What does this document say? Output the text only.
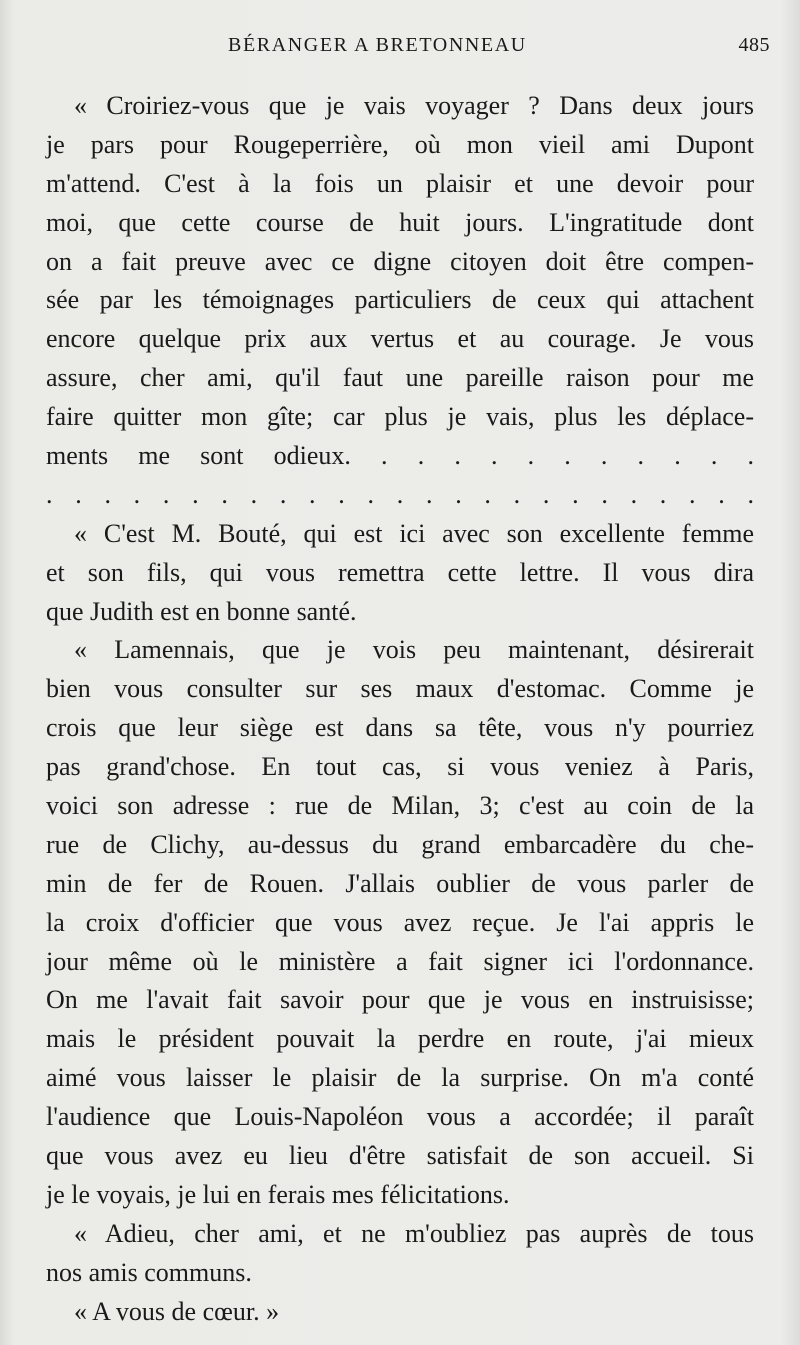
BÉRANGER A BRETONNEAU	485
« Croiriez-vous que je vais voyager ? Dans deux jours
je pars pour Rougeperrière, où mon vieil ami Dupont
m'attend. C'est à la fois un plaisir et une devoir pour
moi, que cette course de huit jours. L'ingratitude dont
on a fait preuve avec ce digne citoyen doit être compen-
sée par les témoignages particuliers de ceux qui attachent
encore quelque prix aux vertus et au courage. Je vous
assure, cher ami, qu'il faut une pareille raison pour me
faire quitter mon gîte; car plus je vais, plus les déplace-
ments me sont odieux. . . . . . . . . . . .
. . . . . . . . . . . . . . . . . . . . . . . . .
« C'est M. Bouté, qui est ici avec son excellente femme
et son fils, qui vous remettra cette lettre. Il vous dira
que Judith est en bonne santé.
« Lamennais, que je vois peu maintenant, désirerait
bien vous consulter sur ses maux d'estomac. Comme je
crois que leur siège est dans sa tête, vous n'y pourriez
pas grand'chose. En tout cas, si vous veniez à Paris,
voici son adresse : rue de Milan, 3; c'est au coin de la
rue de Clichy, au-dessus du grand embarcadère du che-
min de fer de Rouen. J'allais oublier de vous parler de
la croix d'officier que vous avez reçue. Je l'ai appris le
jour même où le ministère a fait signer ici l'ordonnance.
On me l'avait fait savoir pour que je vous en instruisisse;
mais le président pouvait la perdre en route, j'ai mieux
aimé vous laisser le plaisir de la surprise. On m'a conté
l'audience que Louis-Napoléon vous a accordée; il paraît
que vous avez eu lieu d'être satisfait de son accueil. Si
je le voyais, je lui en ferais mes félicitations.
« Adieu, cher ami, et ne m'oubliez pas auprès de tous
nos amis communs.
« A vous de cœur. »
